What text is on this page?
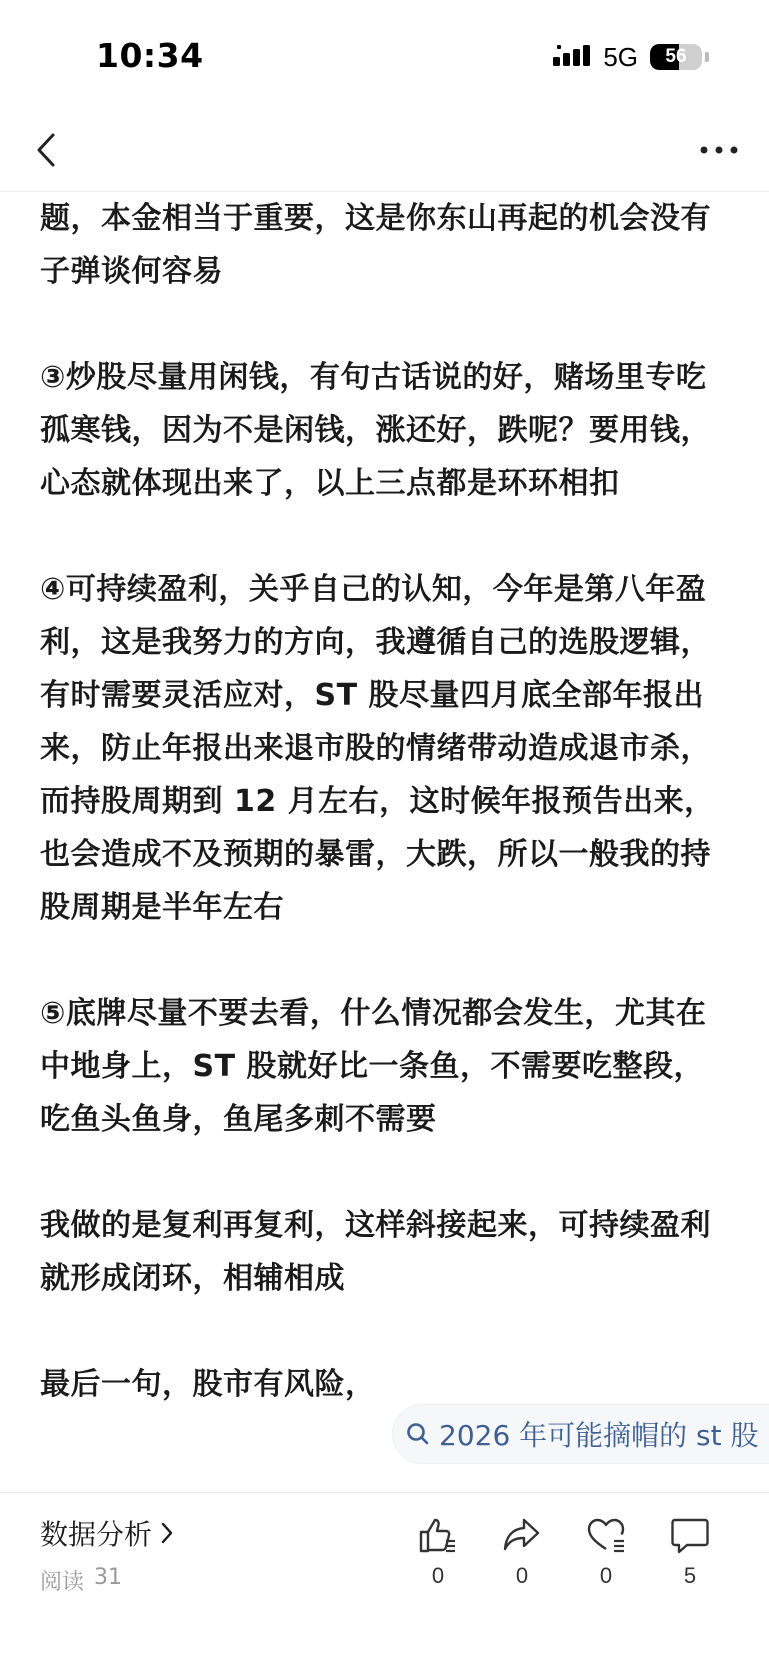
10:34	5G	56

题，本金相当于重要，这是你东山再起的机会没有子弹谈何容易

③炒股尽量用闲钱，有句古话说的好，赌场里专吃孤寒钱，因为不是闲钱，涨还好，跌呢？要用钱，心态就体现出来了，以上三点都是环环相扣

④可持续盈利，关乎自己的认知，今年是第八年盈利，这是我努力的方向，我遵循自己的选股逻辑，有时需要灵活应对，ST 股尽量四月底全部年报出来，防止年报出来退市股的情绪带动造成退市杀，而持股周期到 12 月左右，这时候年报预告出来，也会造成不及预期的暴雷，大跌，所以一般我的持股周期是半年左右

⑤底牌尽量不要去看，什么情况都会发生，尤其在中地身上，ST 股就好比一条鱼，不需要吃整段，吃鱼头鱼身，鱼尾多刺不需要

我做的是复利再复利，这样斜接起来，可持续盈利就形成闭环，相辅相成

最后一句，股市有风险，

2026 年可能摘帽的 st 股
数据分析
阅读 31	0	0	0	5
